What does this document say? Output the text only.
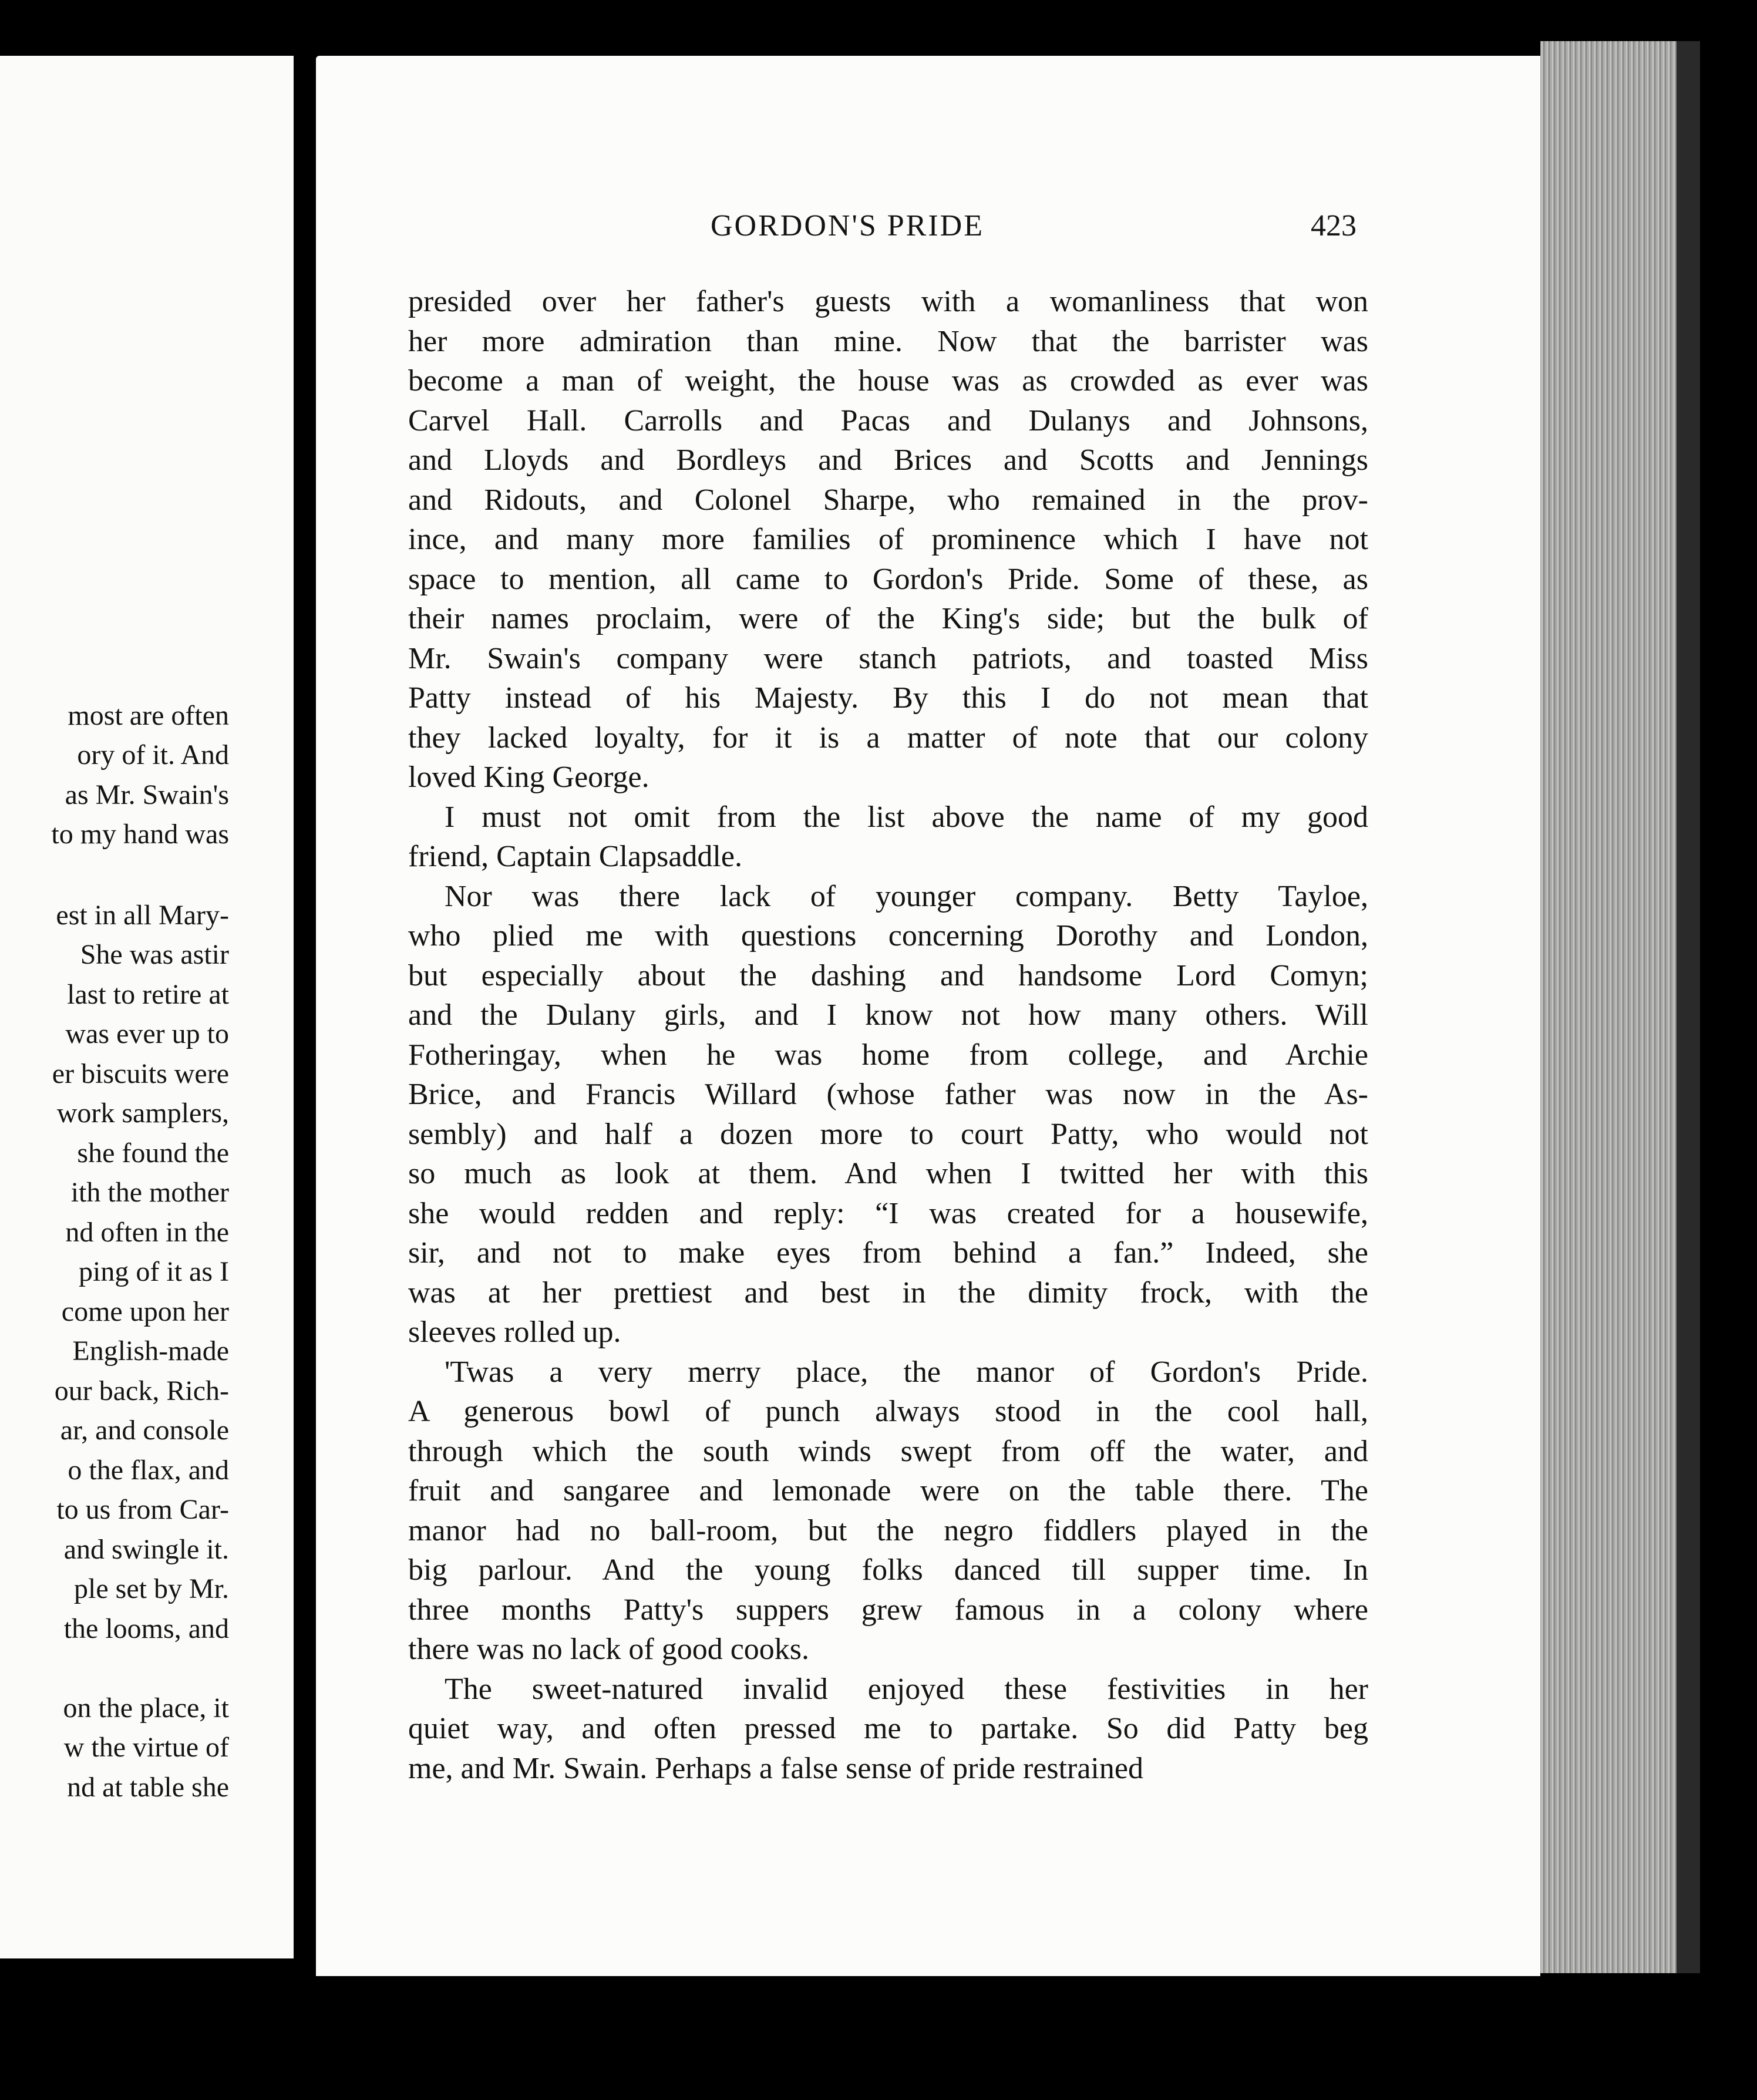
most are often
ory of it. And
as Mr. Swain's
to my hand was
est in all Mary-
She was astir
last to retire at
was ever up to
er biscuits were
work samplers,
she found the
ith the mother
nd often in the
ping of it as I
come upon her
English-made
our back, Rich-
ar, and console
o the flax, and
to us from Car-
and swingle it.
ple set by Mr.
the looms, and
on the place, it
w the virtue of
nd at table she
GORDON'S PRIDE	423
presided over her father's guests with a womanliness that won
her more admiration than mine. Now that the barrister was
become a man of weight, the house was as crowded as ever was
Carvel Hall. Carrolls and Pacas and Dulanys and Johnsons,
and Lloyds and Bordleys and Brices and Scotts and Jennings
and Ridouts, and Colonel Sharpe, who remained in the prov-
ince, and many more families of prominence which I have not
space to mention, all came to Gordon's Pride. Some of these, as
their names proclaim, were of the King's side; but the bulk of
Mr. Swain's company were stanch patriots, and toasted Miss
Patty instead of his Majesty. By this I do not mean that
they lacked loyalty, for it is a matter of note that our colony
loved King George.
I must not omit from the list above the name of my good
friend, Captain Clapsaddle.
Nor was there lack of younger company. Betty Tayloe,
who plied me with questions concerning Dorothy and London,
but especially about the dashing and handsome Lord Comyn;
and the Dulany girls, and I know not how many others. Will
Fotheringay, when he was home from college, and Archie
Brice, and Francis Willard (whose father was now in the As-
sembly) and half a dozen more to court Patty, who would not
so much as look at them. And when I twitted her with this
she would redden and reply: “I was created for a housewife,
sir, and not to make eyes from behind a fan.” Indeed, she
was at her prettiest and best in the dimity frock, with the
sleeves rolled up.
'Twas a very merry place, the manor of Gordon's Pride.
A generous bowl of punch always stood in the cool hall,
through which the south winds swept from off the water, and
fruit and sangaree and lemonade were on the table there. The
manor had no ball-room, but the negro fiddlers played in the
big parlour. And the young folks danced till supper time. In
three months Patty's suppers grew famous in a colony where
there was no lack of good cooks.
The sweet-natured invalid enjoyed these festivities in her
quiet way, and often pressed me to partake. So did Patty beg
me, and Mr. Swain. Perhaps a false sense of pride restrained
